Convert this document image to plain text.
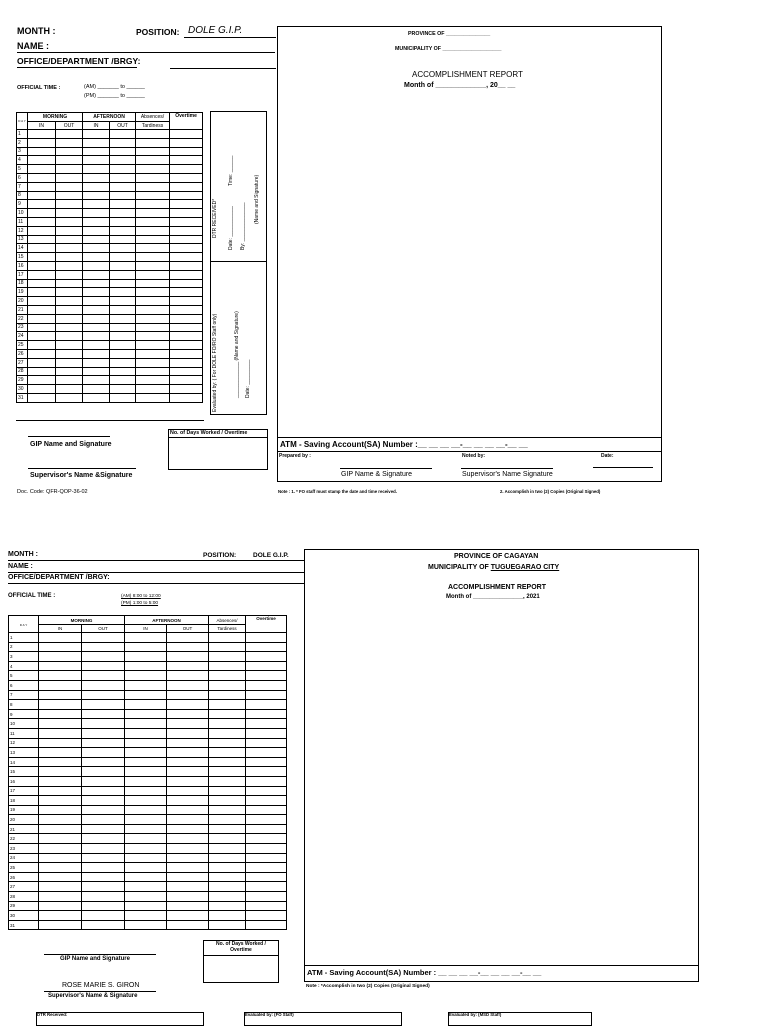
MONTH :	POSITION: DOLE G.I.P.
NAME :
OFFICE/DEPARTMENT /BRGY:
OFFICIAL TIME :	(AM) _______ to ______
(PM) _______ to ______
D A Y	MORNING		AFTERNOON		Absences/	Overtime
	IN	OUT	IN	OUT	Tardiness	
1						
2						
3						
4						
5						
6						
7						
8						
9						
10						
11						
12						
13						
14						
15						
16						
17						
18						
19						
20						
21						
22						
23						
24						
25						
26						
27						
28						
29						
30						
31						
DTR RECEIVED* Date: ___________
Time: ______
By: ______________
(Name and Signature)
Evaluated by: ( For DOLE FO/RO Staff only)	_____________ (Name and Signature) Date: _________
GIP Name and Signature
No. of Days Worked / Overtime
Supervisor's Name &Signature
Doc. Code: QFR-QOP-36-02
PROVINCE OF _______________
MUNICIPALITY OF ____________________
ACCOMPLISHMENT REPORT
Month of _____________, 20__ __
ATM - Saving Account(SA) Number :__ __ __ __-__ __ __ __-__ __
Prepared by :	Noted by:	Date:
GIP Name & Signature	Supervisor's Name Signature
Note : 1. * FO staff must stamp the date and time received.	2. Accomplish in two (2) Copies (Original Signed)
MONTH :	POSITION:	DOLE G.I.P.
NAME :
OFFICE/DEPARTMENT /BRGY:
OFFICIAL TIME :	(AM) 8:00 to 12:00
(PM) 1:00 to 5:00
D A Y	MORNING		AFTERNOON		Absences/	Overtime
	IN	OUT	IN	OUT	Tardiness	
1						
2						
3						
4						
5						
6						
7						
8						
9						
10						
11						
12						
13						
14						
15						
16						
17						
18						
19						
20						
21						
22						
23						
24						
25						
26						
27						
28						
29						
30						
31						
GIP Name and Signature
No. of Days Worked / Overtime
ROSE MARIE S. GIRON
Supervisor's Name & Signature
PROVINCE OF CAGAYAN
MUNICIPALITY OF TUGUEGARAO CITY
ACCOMPLISHMENT REPORT
Month of _______________, 2021
ATM - Saving Account(SA) Number : __ __ __ __-__ __ __ __-__ __
Note : *Accomplish in two (2) Copies (Original Signed)
DTR Received:	Evaluated by: (FO Staff)	Evaluated by: (MSD Staff)
